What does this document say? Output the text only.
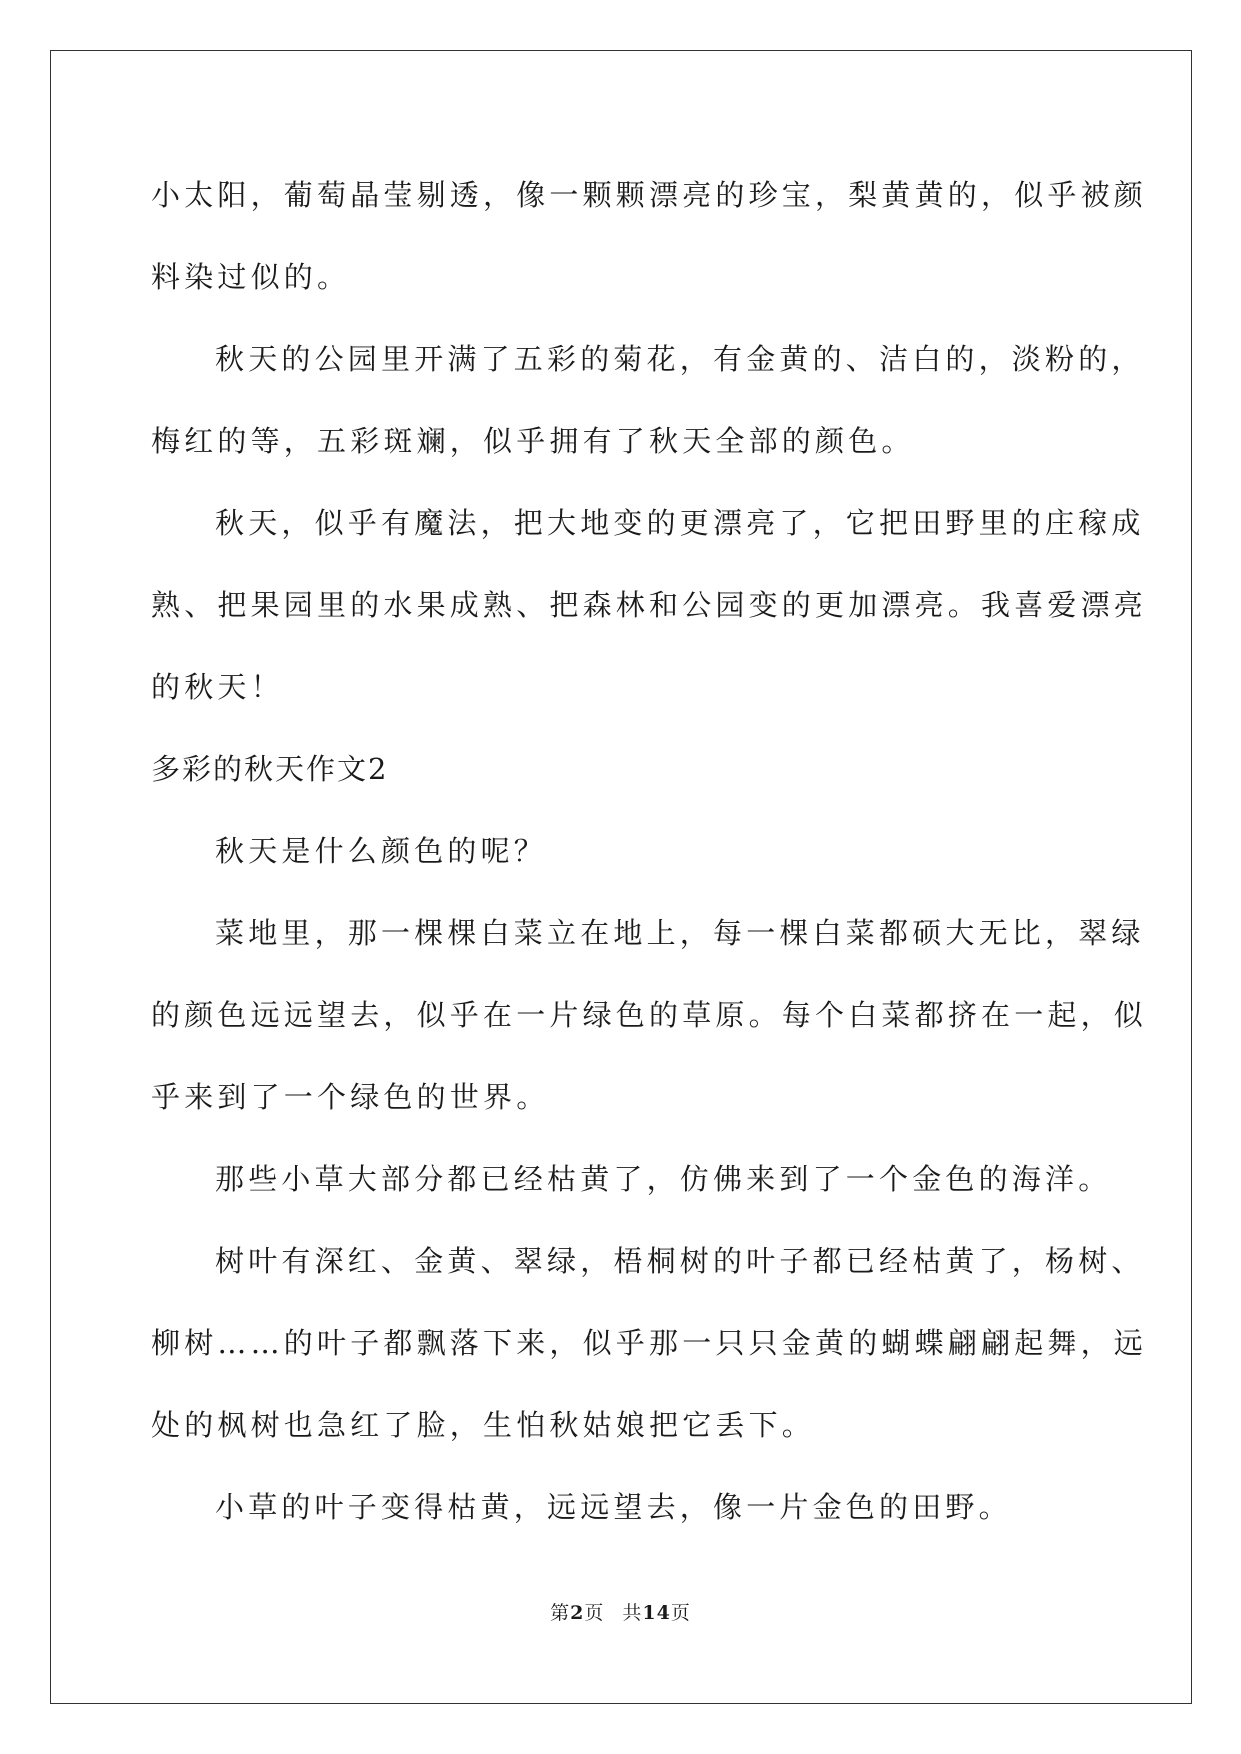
小太阳，葡萄晶莹剔透，像一颗颗漂亮的珍宝，梨黄黄的，似乎被颜
料染过似的。

秋天的公园里开满了五彩的菊花，有金黄的、洁白的，淡粉的，
梅红的等，五彩斑斓，似乎拥有了秋天全部的颜色。

秋天，似乎有魔法，把大地变的更漂亮了，它把田野里的庄稼成
熟、把果园里的水果成熟、把森林和公园变的更加漂亮。我喜爱漂亮
的秋天！

多彩的秋天作文2

秋天是什么颜色的呢？

菜地里，那一棵棵白菜立在地上，每一棵白菜都硕大无比，翠绿
的颜色远远望去，似乎在一片绿色的草原。每个白菜都挤在一起，似
乎来到了一个绿色的世界。

那些小草大部分都已经枯黄了，仿佛来到了一个金色的海洋。

树叶有深红、金黄、翠绿，梧桐树的叶子都已经枯黄了，杨树、
柳树……的叶子都飘落下来，似乎那一只只金黄的蝴蝶翩翩起舞，远
处的枫树也急红了脸，生怕秋姑娘把它丢下。

小草的叶子变得枯黄，远远望去，像一片金色的田野。

第2页 共14页
